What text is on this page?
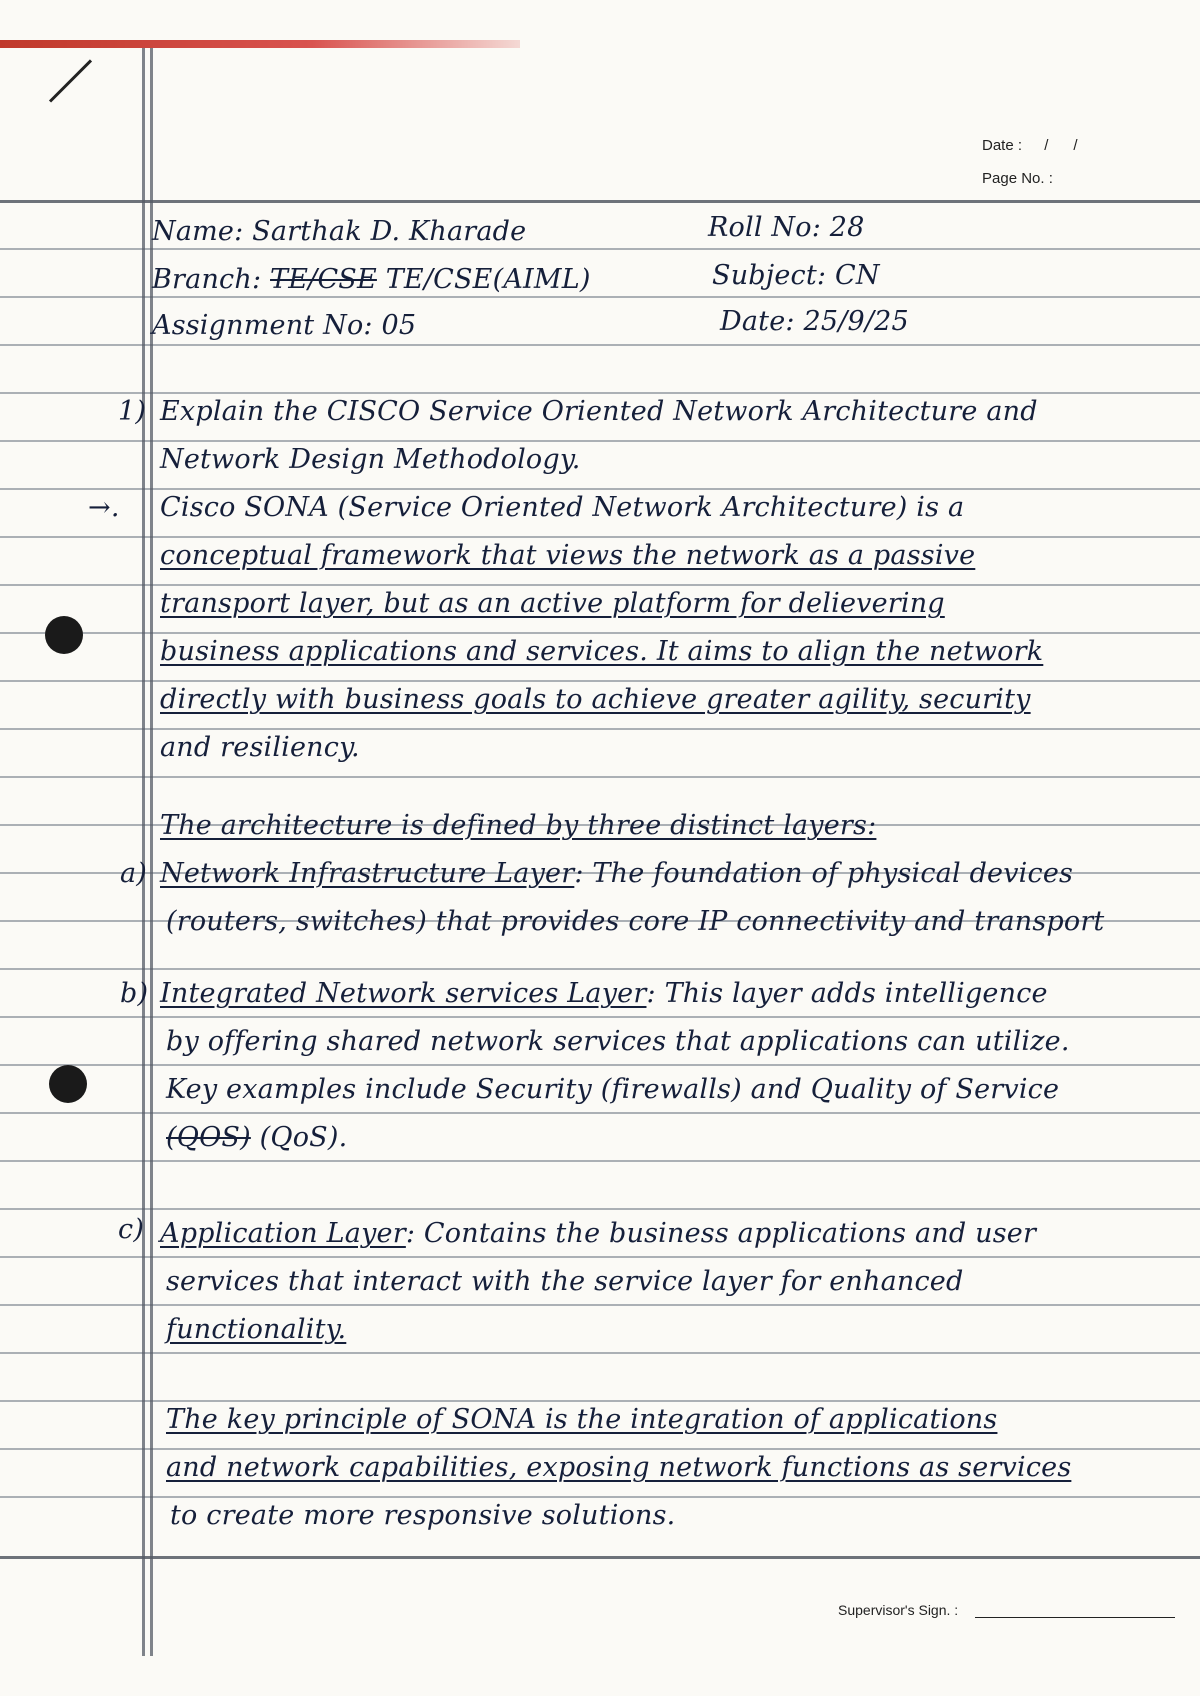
Date : /      /
Page No. :
Name: Sarthak D. Kharade	Roll No: 28
Branch: TE/CSE TE/CSE(AIML)	Subject: CN
Assignment No: 05	Date: 25/9/25
1) Explain the CISCO Service Oriented Network Architecture and
Network Design Methodology.
→. Cisco SONA (Service Oriented Network Architecture) is a
conceptual framework that views the network as a passive
transport layer, but as an active platform for delievering
business applications and services. It aims to align the network
directly with business goals to achieve greater agility, security
and resiliency.
The architecture is defined by three distinct layers:
a) Network Infrastructure Layer: The foundation of physical devices
(routers, switches) that provides core IP connectivity and transport
b) Integrated Network services Layer: This layer adds intelligence
by offering shared network services that applications can utilize.
Key examples include Security (firewalls) and Quality of Service
(QOS) (QoS).
c) Application Layer: Contains the business applications and user
services that interact with the service layer for enhanced
functionality.
The key principle of SONA is the integration of applications
and network capabilities, exposing network functions as services
to create more responsive solutions.
Supervisor's Sign. :
